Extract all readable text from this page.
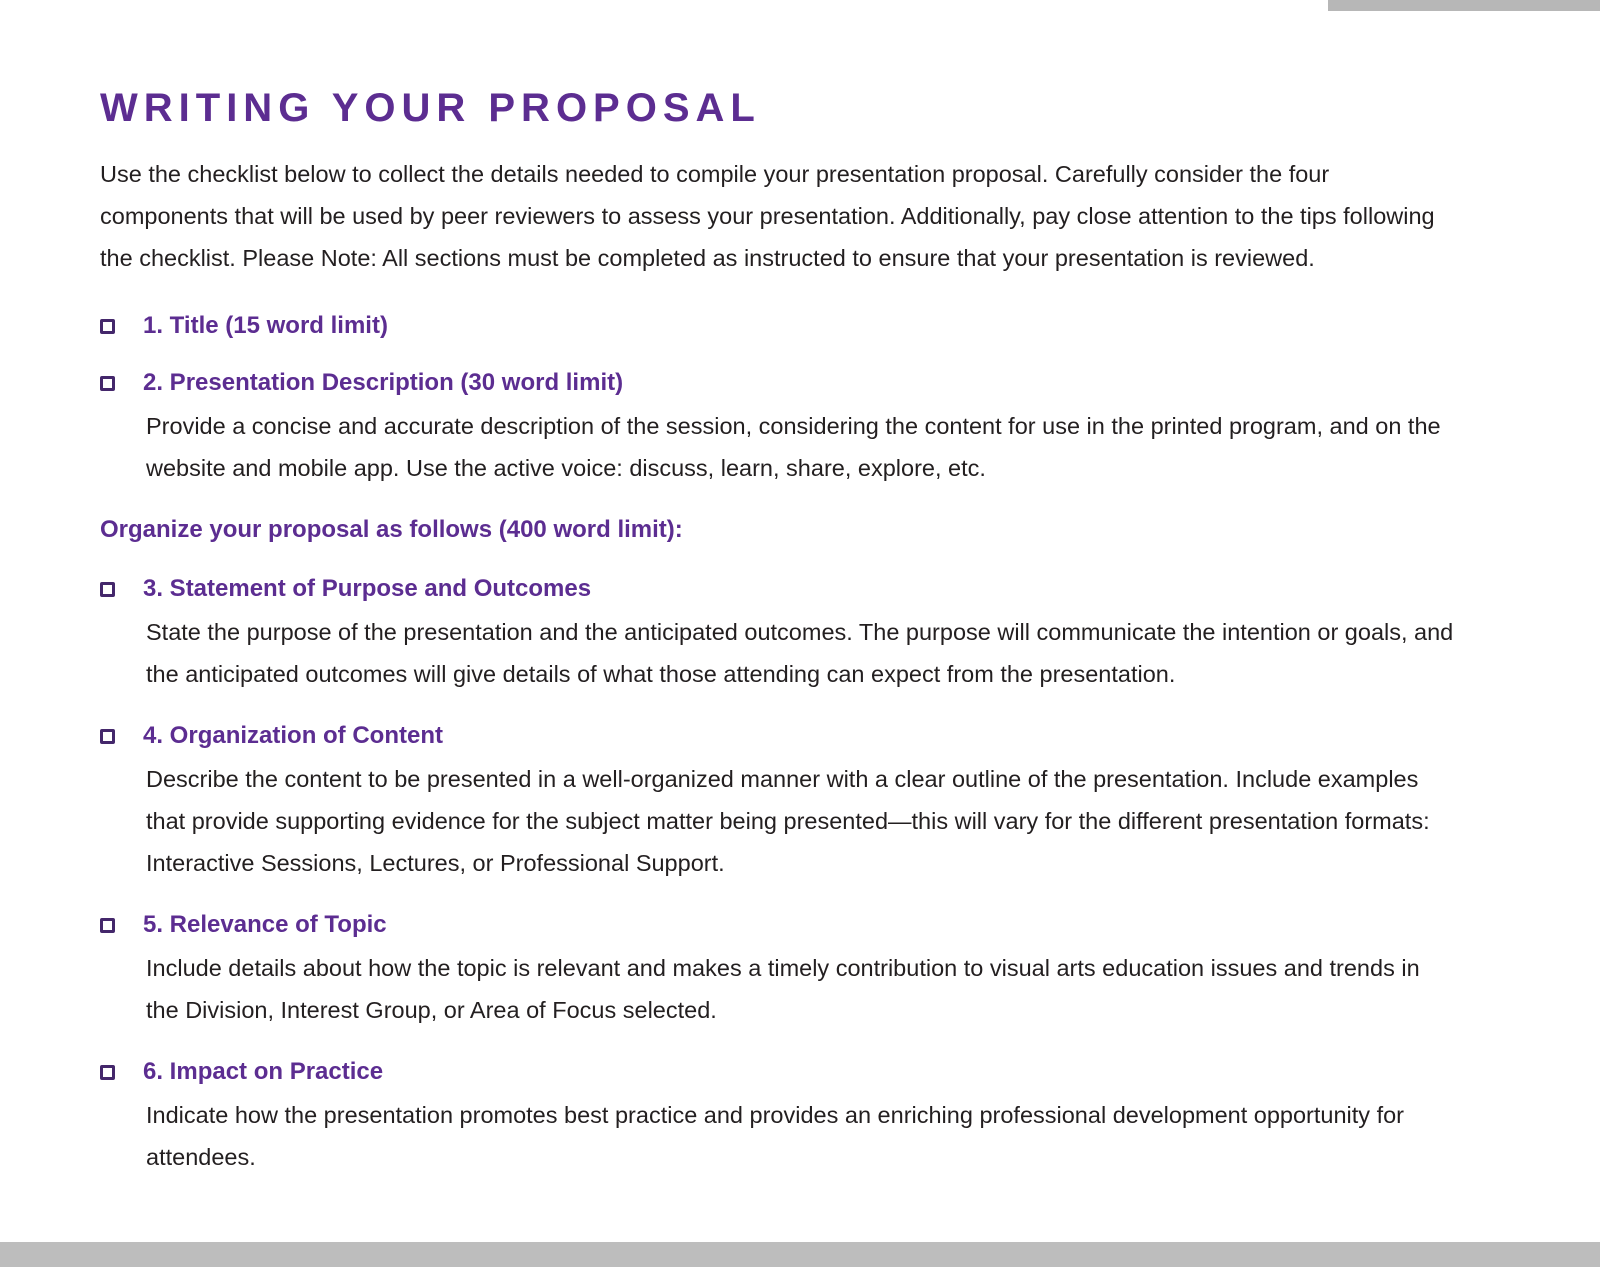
WRITING YOUR PROPOSAL

Use the checklist below to collect the details needed to compile your presentation proposal. Carefully consider the four components that will be used by peer reviewers to assess your presentation. Additionally, pay close attention to the tips following the checklist. Please Note: All sections must be completed as instructed to ensure that your presentation is reviewed.

1. Title (15 word limit)
2. Presentation Description (30 word limit)
Provide a concise and accurate description of the session, considering the content for use in the printed program, and on the website and mobile app. Use the active voice: discuss, learn, share, explore, etc.
Organize your proposal as follows (400 word limit):
3. Statement of Purpose and Outcomes
State the purpose of the presentation and the anticipated outcomes. The purpose will communicate the intention or goals, and the anticipated outcomes will give details of what those attending can expect from the presentation.
4. Organization of Content
Describe the content to be presented in a well-organized manner with a clear outline of the presentation. Include examples that provide supporting evidence for the subject matter being presented—this will vary for the different presentation formats: Interactive Sessions, Lectures, or Professional Support.
5. Relevance of Topic
Include details about how the topic is relevant and makes a timely contribution to visual arts education issues and trends in the Division, Interest Group, or Area of Focus selected.
6. Impact on Practice
Indicate how the presentation promotes best practice and provides an enriching professional development opportunity for attendees.
